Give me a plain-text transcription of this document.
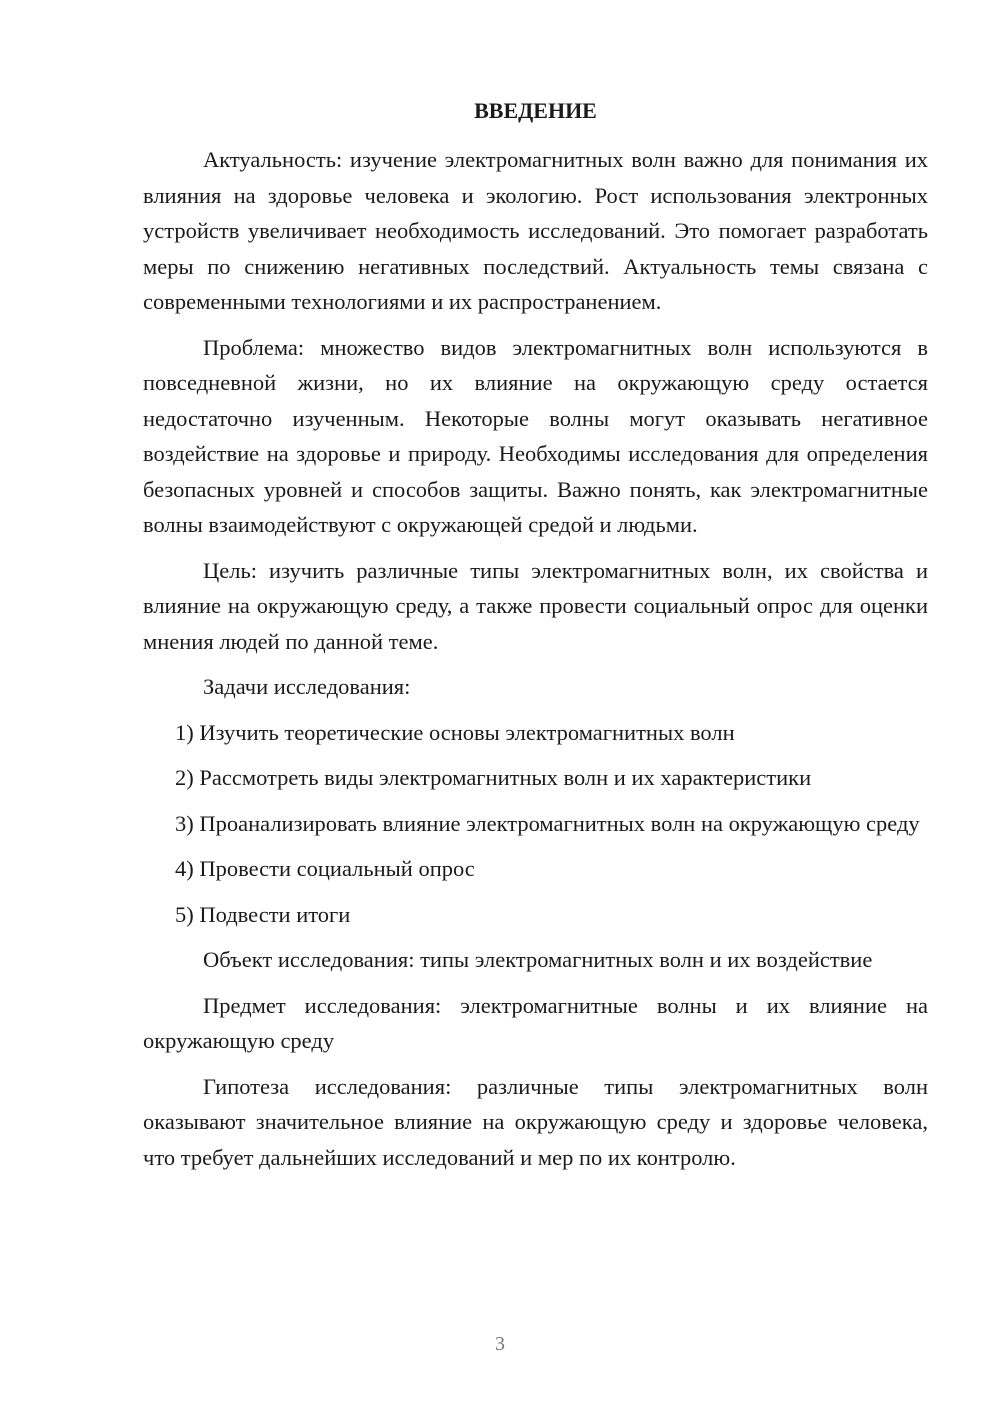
ВВЕДЕНИЕ

Актуальность: изучение электромагнитных волн важно для понимания их влияния на здоровье человека и экологию. Рост использования электронных устройств увеличивает необходимость исследований. Это помогает разработать меры по снижению негативных последствий. Актуальность темы связана с современными технологиями и их распространением.

Проблема: множество видов электромагнитных волн используются в повседневной жизни, но их влияние на окружающую среду остается недостаточно изученным. Некоторые волны могут оказывать негативное воздействие на здоровье и природу. Необходимы исследования для определения безопасных уровней и способов защиты. Важно понять, как электромагнитные волны взаимодействуют с окружающей средой и людьми.

Цель: изучить различные типы электромагнитных волн, их свойства и влияние на окружающую среду, а также провести социальный опрос для оценки мнения людей по данной теме.

Задачи исследования:

1) Изучить теоретические основы электромагнитных волн

2) Рассмотреть виды электромагнитных волн и их характеристики

3) Проанализировать влияние электромагнитных волн на окружающую среду

4) Провести социальный опрос

5) Подвести итоги

Объект исследования: типы электромагнитных волн и их воздействие

Предмет исследования: электромагнитные волны и их влияние на окружающую среду

Гипотеза исследования: различные типы электромагнитных волн оказывают значительное влияние на окружающую среду и здоровье человека, что требует дальнейших исследований и мер по их контролю.

3
